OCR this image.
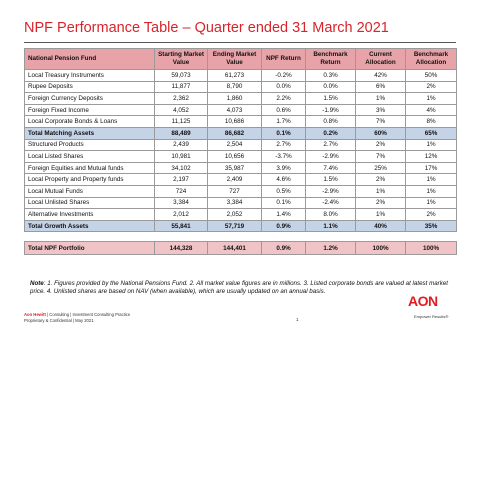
NPF Performance Table – Quarter ended 31 March 2021
National Pension Fund	Starting Market Value	Ending Market Value	NPF Return	Benchmark Return	Current Allocation	Benchmark Allocation
Local Treasury Instruments	59,073	61,273	-0.2%	0.3%	42%	50%
Rupee Deposits	11,877	8,790	0.0%	0.0%	6%	2%
Foreign Currency Deposits	2,362	1,860	2.2%	1.5%	1%	1%
Foreign Fixed Income	4,052	4,073	0.6%	-1.9%	3%	4%
Local Corporate Bonds & Loans	11,125	10,686	1.7%	0.8%	7%	8%
Total Matching Assets	88,489	86,682	0.1%	0.2%	60%	65%
Structured Products	2,439	2,504	2.7%	2.7%	2%	1%
Local Listed Shares	10,981	10,656	-3.7%	-2.9%	7%	12%
Foreign Equities and Mutual funds	34,102	35,987	3.9%	7.4%	25%	17%
Local Property and Property funds	2,197	2,409	4.6%	1.5%	2%	1%
Local Mutual Funds	724	727	0.5%	-2.9%	1%	1%
Local Unlisted Shares	3,384	3,384	0.1%	-2.4%	2%	1%
Alternative Investments	2,012	2,052	1.4%	8.0%	1%	2%
Total Growth Assets	55,841	57,719	0.9%	1.1%	40%	35%

Total NPF Portfolio	144,328	144,401	0.9%	1.2%	100%	100%
Note: 1. Figures provided by the National Pensions Fund. 2. All market value figures are in millions. 3. Listed corporate bonds are valued at latest market price. 4. Unlisted shares are based on NAV (when available), which are usually updated on an annual basis.
Aon Hewitt | Consulting | Investment Consulting Practice
Proprietary & Confidential | May 2021	1
AON
Empower Results®
